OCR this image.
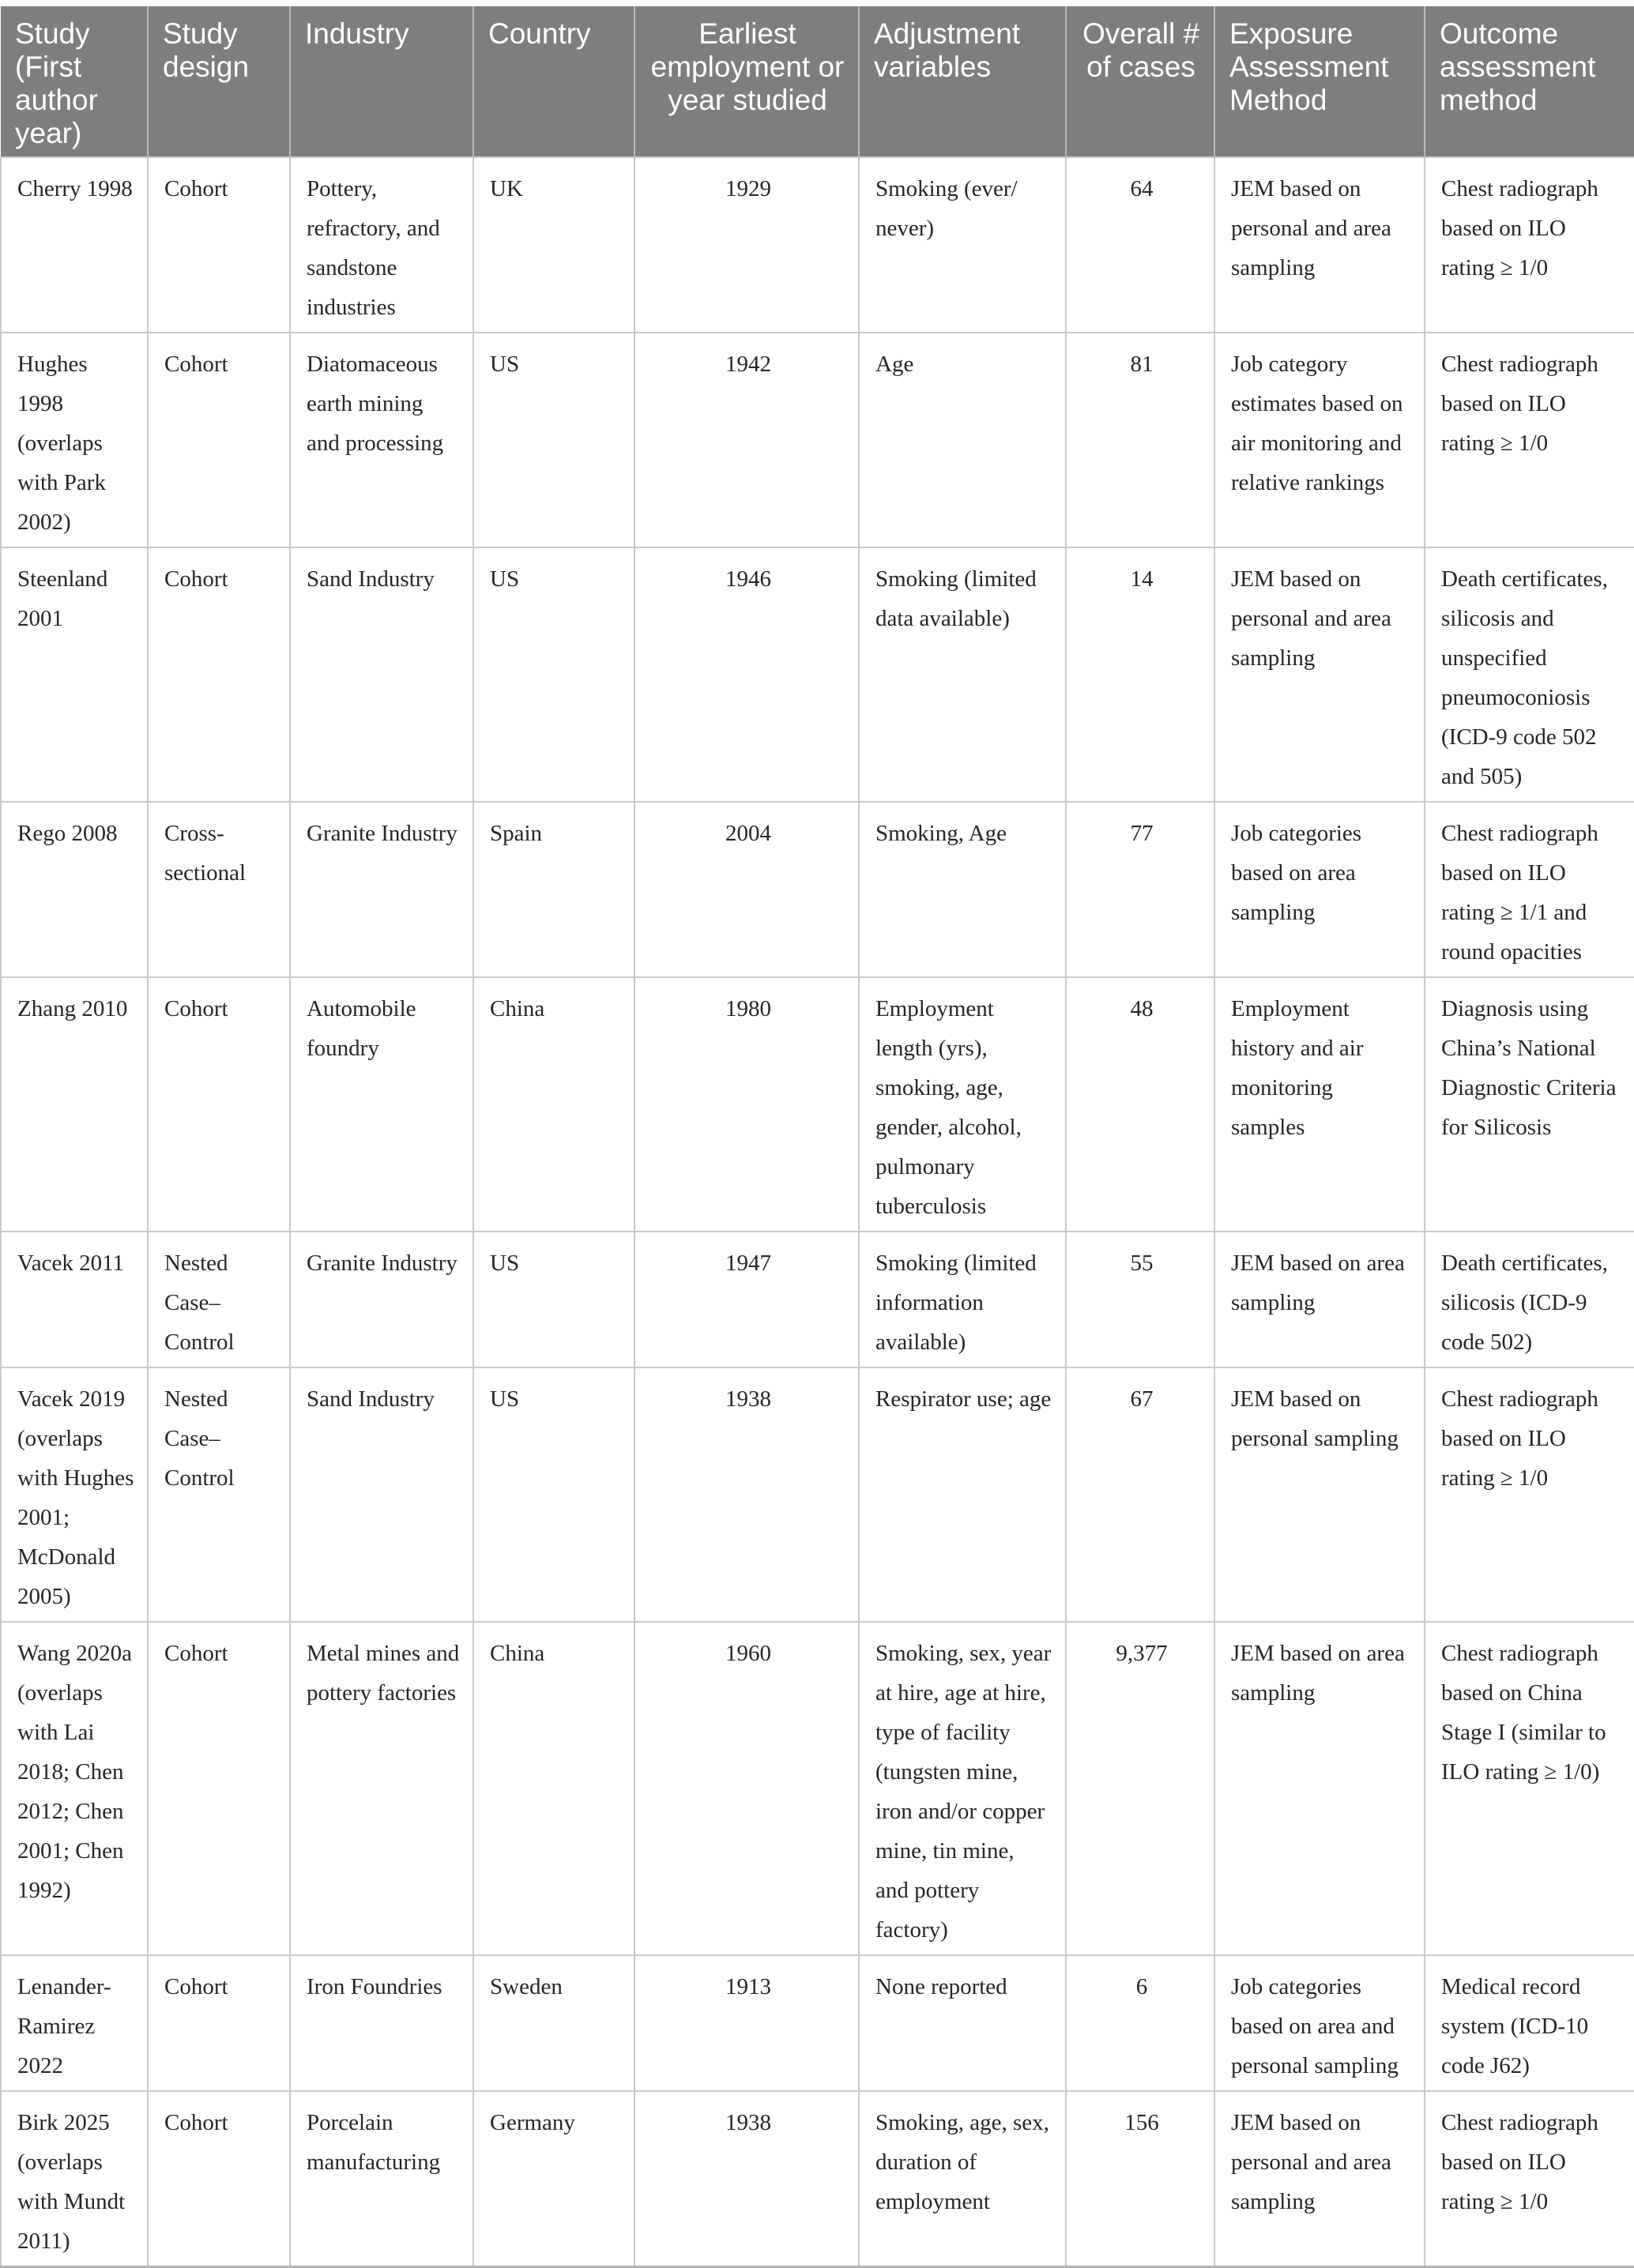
Study (First author year)	Study design	Industry	Country	Earliest employment or year studied	Adjustment variables	Overall # of cases	Exposure Assessment Method	Outcome assessment method
Cherry 1998	Cohort	Pottery, refractory, and sandstone industries	UK	1929	Smoking (ever/ never)	64	JEM based on personal and area sampling	Chest radiograph based on ILO rating ≥ 1/0
Hughes 1998 (overlaps with Park 2002)	Cohort	Diatomaceous earth mining and processing	US	1942	Age	81	Job category estimates based on air monitoring and relative rankings	Chest radiograph based on ILO rating ≥ 1/0
Steenland 2001	Cohort	Sand Industry	US	1946	Smoking (limited data available)	14	JEM based on personal and area sampling	Death certificates, silicosis and unspecified pneumoconiosis (ICD-9 code 502 and 505)
Rego 2008	Cross-sectional	Granite Industry	Spain	2004	Smoking, Age	77	Job categories based on area sampling	Chest radiograph based on ILO rating ≥ 1/1 and round opacities
Zhang 2010	Cohort	Automobile foundry	China	1980	Employment length (yrs), smoking, age, gender, alcohol, pulmonary tuberculosis	48	Employment history and air monitoring samples	Diagnosis using China’s National Diagnostic Criteria for Silicosis
Vacek 2011	Nested Case–Control	Granite Industry	US	1947	Smoking (limited information available)	55	JEM based on area sampling	Death certificates, silicosis (ICD-9 code 502)
Vacek 2019 (overlaps with Hughes 2001; McDonald 2005)	Nested Case–Control	Sand Industry	US	1938	Respirator use; age	67	JEM based on personal sampling	Chest radiograph based on ILO rating ≥ 1/0
Wang 2020a (overlaps with Lai 2018; Chen 2012; Chen 2001; Chen 1992)	Cohort	Metal mines and pottery factories	China	1960	Smoking, sex, year at hire, age at hire, type of facility (tungsten mine, iron and/or copper mine, tin mine, and pottery factory)	9,377	JEM based on area sampling	Chest radiograph based on China Stage I (similar to ILO rating ≥ 1/0)
Lenander-Ramirez 2022	Cohort	Iron Foundries	Sweden	1913	None reported	6	Job categories based on area and personal sampling	Medical record system (ICD-10 code J62)
Birk 2025 (overlaps with Mundt 2011)	Cohort	Porcelain manufacturing	Germany	1938	Smoking, age, sex, duration of employment	156	JEM based on personal and area sampling	Chest radiograph based on ILO rating ≥ 1/0
